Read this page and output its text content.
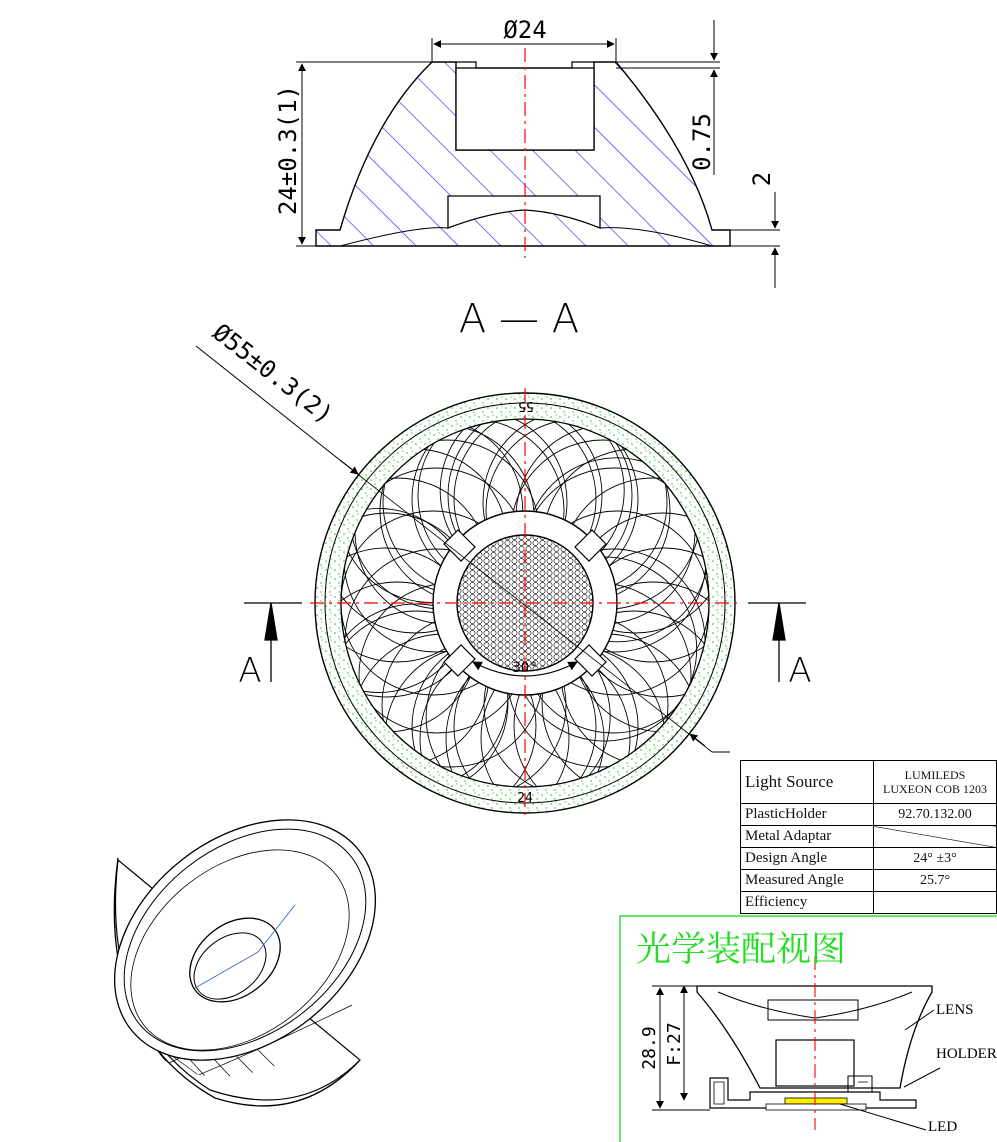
Ø24
24±0.3(1)	0.75
2
A — A
30°
Ø55±0.3(2)	55
24
A	A
28.9 F:27
LENS
HOLDER
LED
Light Source	LUMILEDS
LUXEON COB 1203
PlasticHolder	92.70.132.00
Metal Adaptar	
Design Angle	24° ±3°
Measured Angle	25.7°
Efficiency	
光学装配视图
